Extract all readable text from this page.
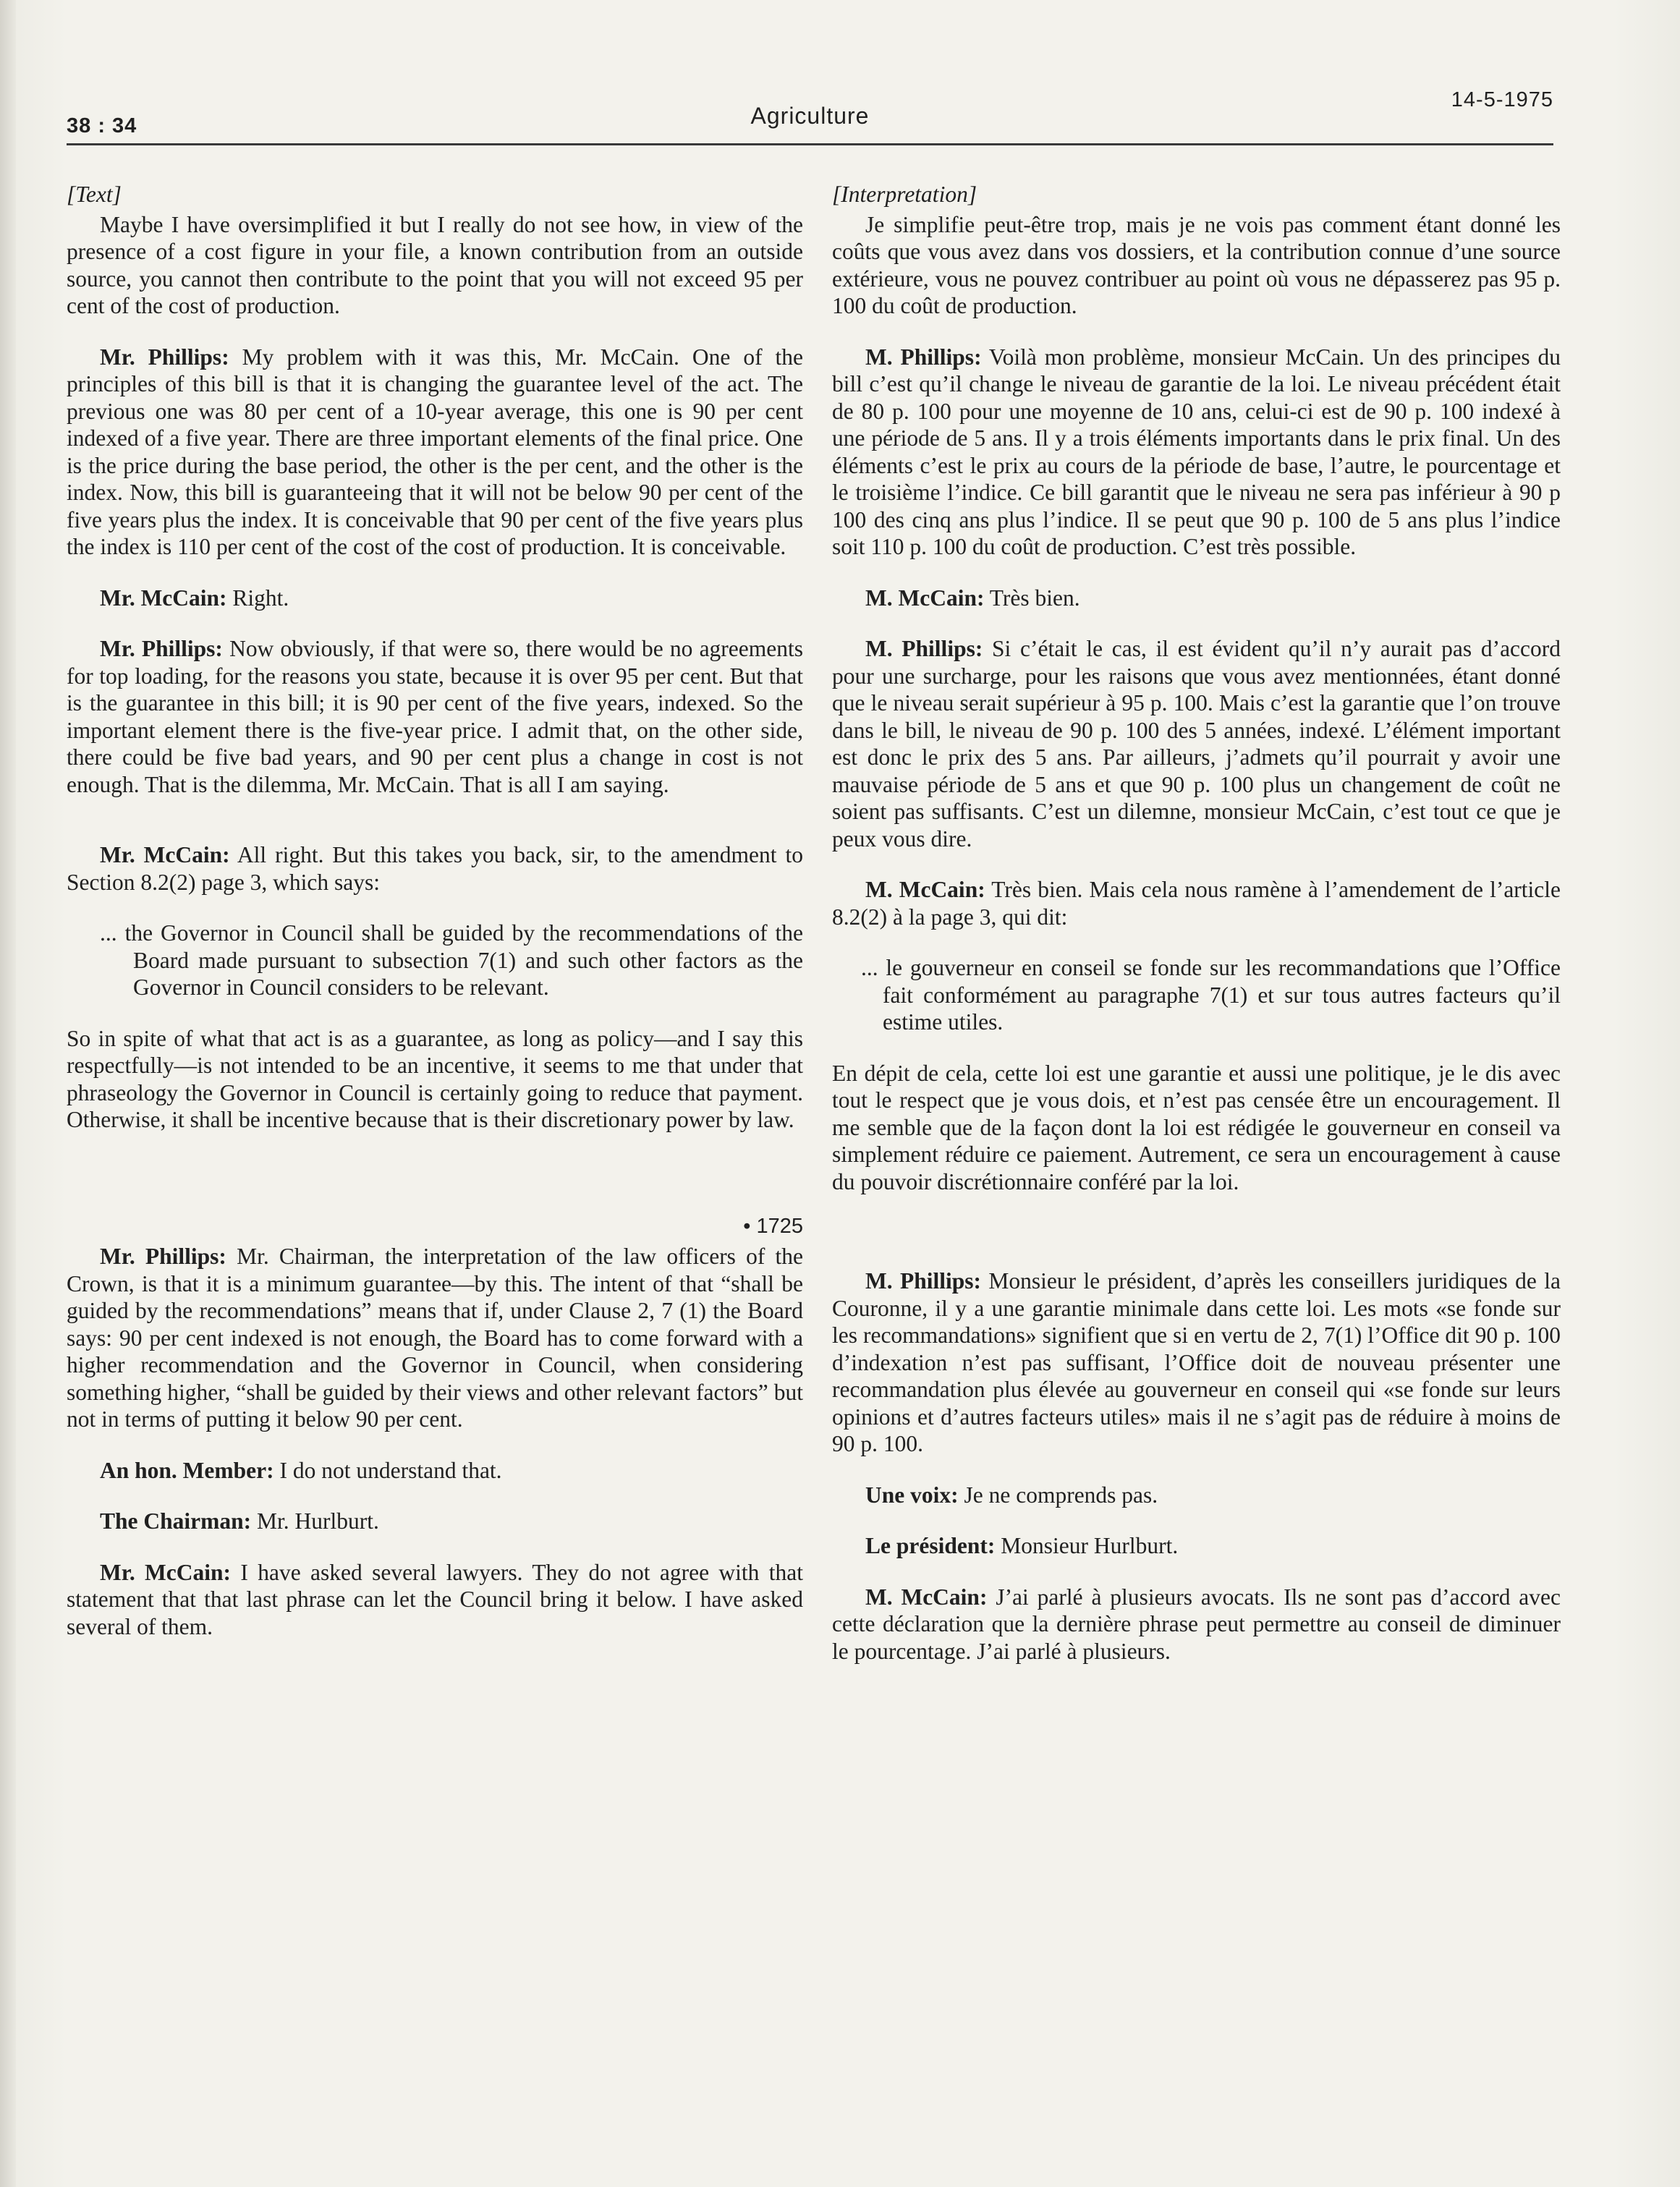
38 : 34	Agriculture
14-5-1975

[Text]

Maybe I have oversimplified it but I really do not see how, in view of the presence of a cost figure in your file, a known contribution from an outside source, you cannot then contribute to the point that you will not exceed 95 per cent of the cost of production.

Mr. Phillips: My problem with it was this, Mr. McCain. One of the principles of this bill is that it is changing the guarantee level of the act. The previous one was 80 per cent of a 10-year average, this one is 90 per cent indexed of a five year. There are three important elements of the final price. One is the price during the base period, the other is the per cent, and the other is the index. Now, this bill is guaranteeing that it will not be below 90 per cent of the five years plus the index. It is conceivable that 90 per cent of the five years plus the index is 110 per cent of the cost of the cost of production. It is conceivable.

Mr. McCain: Right.

Mr. Phillips: Now obviously, if that were so, there would be no agreements for top loading, for the reasons you state, because it is over 95 per cent. But that is the guarantee in this bill; it is 90 per cent of the five years, indexed. So the important element there is the five-year price. I admit that, on the other side, there could be five bad years, and 90 per cent plus a change in cost is not enough. That is the dilemma, Mr. McCain. That is all I am saying.

Mr. McCain: All right. But this takes you back, sir, to the amendment to Section 8.2(2) page 3, which says:

... the Governor in Council shall be guided by the recommendations of the Board made pursuant to subsection 7(1) and such other factors as the Governor in Council considers to be relevant.

So in spite of what that act is as a guarantee, as long as policy—and I say this respectfully—is not intended to be an incentive, it seems to me that under that phraseology the Governor in Council is certainly going to reduce that payment. Otherwise, it shall be incentive because that is their discretionary power by law.

• 1725

Mr. Phillips: Mr. Chairman, the interpretation of the law officers of the Crown, is that it is a minimum guarantee—by this. The intent of that “shall be guided by the recommendations” means that if, under Clause 2, 7 (1) the Board says: 90 per cent indexed is not enough, the Board has to come forward with a higher recommendation and the Governor in Council, when considering something higher, “shall be guided by their views and other relevant factors” but not in terms of putting it below 90 per cent.

An hon. Member: I do not understand that.

The Chairman: Mr. Hurlburt.

Mr. McCain: I have asked several lawyers. They do not agree with that statement that that last phrase can let the Council bring it below. I have asked several of them.

[Interpretation]

Je simplifie peut-être trop, mais je ne vois pas comment étant donné les coûts que vous avez dans vos dossiers, et la contribution connue d’une source extérieure, vous ne pouvez contribuer au point où vous ne dépasserez pas 95 p. 100 du coût de production.

M. Phillips: Voilà mon problème, monsieur McCain. Un des principes du bill c’est qu’il change le niveau de garantie de la loi. Le niveau précédent était de 80 p. 100 pour une moyenne de 10 ans, celui-ci est de 90 p. 100 indexé à une période de 5 ans. Il y a trois éléments importants dans le prix final. Un des éléments c’est le prix au cours de la période de base, l’autre, le pourcentage et le troisième l’indice. Ce bill garantit que le niveau ne sera pas inférieur à 90 p 100 des cinq ans plus l’indice. Il se peut que 90 p. 100 de 5 ans plus l’indice soit 110 p. 100 du coût de production. C’est très possible.

M. McCain: Très bien.

M. Phillips: Si c’était le cas, il est évident qu’il n’y aurait pas d’accord pour une surcharge, pour les raisons que vous avez mentionnées, étant donné que le niveau serait supérieur à 95 p. 100. Mais c’est la garantie que l’on trouve dans le bill, le niveau de 90 p. 100 des 5 années, indexé. L’élément important est donc le prix des 5 ans. Par ailleurs, j’admets qu’il pourrait y avoir une mauvaise période de 5 ans et que 90 p. 100 plus un changement de coût ne soient pas suffisants. C’est un dilemne, monsieur McCain, c’est tout ce que je peux vous dire.

M. McCain: Très bien. Mais cela nous ramène à l’amendement de l’article 8.2(2) à la page 3, qui dit:

... le gouverneur en conseil se fonde sur les recommandations que l’Office fait conformément au paragraphe 7(1) et sur tous autres facteurs qu’il estime utiles.

En dépit de cela, cette loi est une garantie et aussi une politique, je le dis avec tout le respect que je vous dois, et n’est pas censée être un encouragement. Il me semble que de la façon dont la loi est rédigée le gouverneur en conseil va simplement réduire ce paiement. Autrement, ce sera un encouragement à cause du pouvoir discrétionnaire conféré par la loi.

M. Phillips: Monsieur le président, d’après les conseillers juridiques de la Couronne, il y a une garantie minimale dans cette loi. Les mots «se fonde sur les recommandations» signifient que si en vertu de 2, 7(1) l’Office dit 90 p. 100 d’indexation n’est pas suffisant, l’Office doit de nouveau présenter une recommandation plus élevée au gouverneur en conseil qui «se fonde sur leurs opinions et d’autres facteurs utiles» mais il ne s’agit pas de réduire à moins de 90 p. 100.

Une voix: Je ne comprends pas.

Le président: Monsieur Hurlburt.

M. McCain: J’ai parlé à plusieurs avocats. Ils ne sont pas d’accord avec cette déclaration que la dernière phrase peut permettre au conseil de diminuer le pourcentage. J’ai parlé à plusieurs.
